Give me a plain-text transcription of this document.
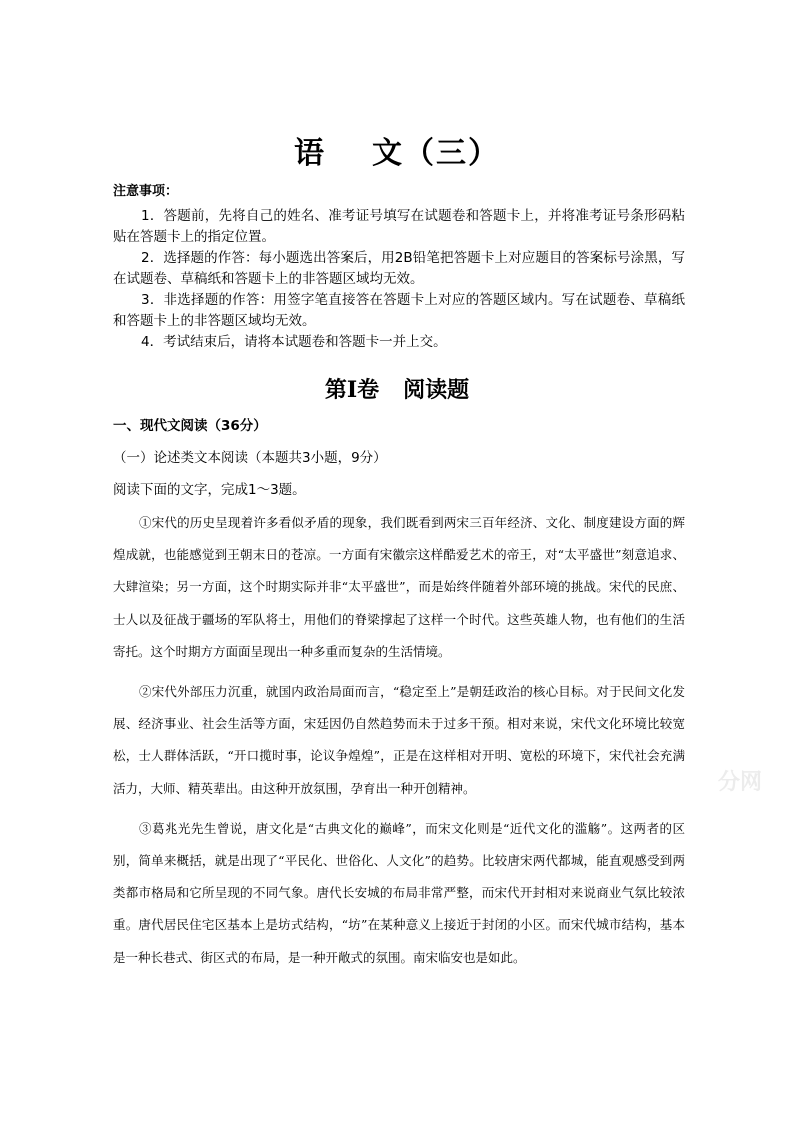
语 文（三）
注意事项：

1．答题前，先将自己的姓名、准考证号填写在试题卷和答题卡上，并将准考证号条形码粘贴在答题卡上的指定位置。

2．选择题的作答：每小题选出答案后，用2B铅笔把答题卡上对应题目的答案标号涂黑，写在试题卷、草稿纸和答题卡上的非答题区域均无效。

3．非选择题的作答：用签字笔直接答在答题卡上对应的答题区域内。写在试题卷、草稿纸和答题卡上的非答题区域均无效。

4．考试结束后，请将本试题卷和答题卡一并上交。

第Ⅰ卷 阅读题
一、现代文阅读（36分）
（一）论述类文本阅读（本题共3小题，9分）
阅读下面的文字，完成1～3题。

①宋代的历史呈现着许多看似矛盾的现象，我们既看到两宋三百年经济、文化、制度建设方面的辉煌成就，也能感觉到王朝末日的苍凉。一方面有宋徽宗这样酷爱艺术的帝王，对“太平盛世”刻意追求、大肆渲染；另一方面，这个时期实际并非“太平盛世”，而是始终伴随着外部环境的挑战。宋代的民庶、士人以及征战于疆场的军队将士，用他们的脊梁撑起了这样一个时代。这些英雄人物，也有他们的生活寄托。这个时期方方面面呈现出一种多重而复杂的生活情境。

②宋代外部压力沉重，就国内政治局面而言，“稳定至上”是朝廷政治的核心目标。对于民间文化发展、经济事业、社会生活等方面，宋廷因仍自然趋势而未于过多干预。相对来说，宋代文化环境比较宽松，士人群体活跃，“开口揽时事，论议争煌煌”，正是在这样相对开明、宽松的环境下，宋代社会充满活力，大师、精英辈出。由这种开放氛围，孕育出一种开创精神。

③葛兆光先生曾说，唐文化是“古典文化的巅峰”，而宋文化则是“近代文化的滥觞”。这两者的区别，简单来概括，就是出现了“平民化、世俗化、人文化”的趋势。比较唐宋两代都城，能直观感受到两类都市格局和它所呈现的不同气象。唐代长安城的布局非常严整，而宋代开封相对来说商业气氛比较浓重。唐代居民住宅区基本上是坊式结构，“坊”在某种意义上接近于封闭的小区。而宋代城市结构，基本是一种长巷式、街区式的布局，是一种开敞式的氛围。南宋临安也是如此。

分网
